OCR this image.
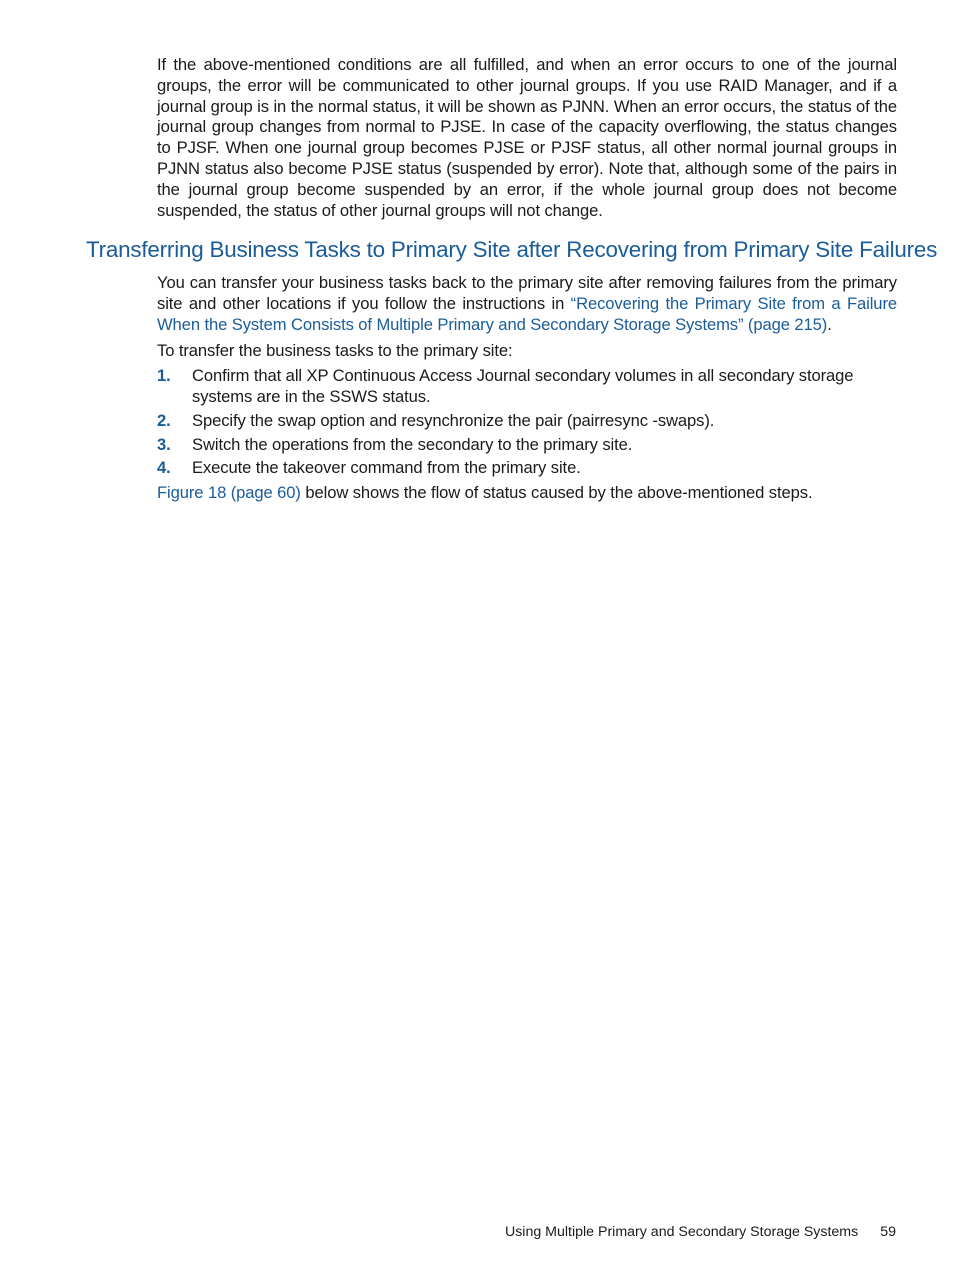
If the above-mentioned conditions are all fulfilled, and when an error occurs to one of the journal groups, the error will be communicated to other journal groups. If you use RAID Manager, and if a journal group is in the normal status, it will be shown as PJNN. When an error occurs, the status of the journal group changes from normal to PJSE. In case of the capacity overflowing, the status changes to PJSF. When one journal group becomes PJSE or PJSF status, all other normal journal groups in PJNN status also become PJSE status (suspended by error). Note that, although some of the pairs in the journal group become suspended by an error, if the whole journal group does not become suspended, the status of other journal groups will not change.

Transferring Business Tasks to Primary Site after Recovering from Primary Site Failures

You can transfer your business tasks back to the primary site after removing failures from the primary site and other locations if you follow the instructions in “Recovering the Primary Site from a Failure When the System Consists of Multiple Primary and Secondary Storage Systems” (page 215).

To transfer the business tasks to the primary site:

1. Confirm that all XP Continuous Access Journal secondary volumes in all secondary storage systems are in the SSWS status.
2. Specify the swap option and resynchronize the pair (pairresync -swaps).
3. Switch the operations from the secondary to the primary site.
4. Execute the takeover command from the primary site.

Figure 18 (page 60) below shows the flow of status caused by the above-mentioned steps.

Using Multiple Primary and Secondary Storage Systems 59
